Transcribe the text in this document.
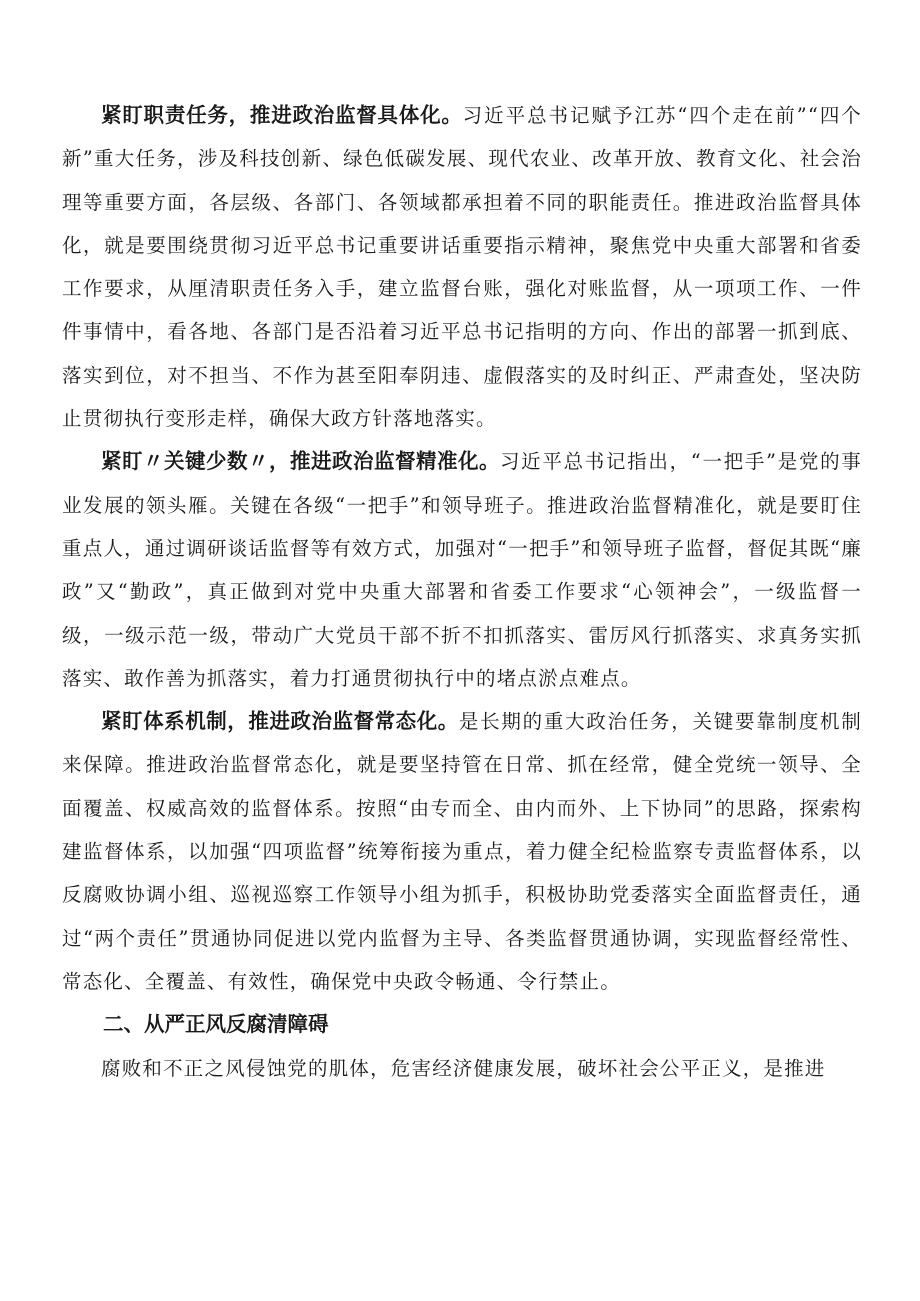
紧盯职责任务，推进政治监督具体化。习近平总书记赋予江苏“四个走在前”“四个新”重大任务，涉及科技创新、绿色低碳发展、现代农业、改革开放、教育文化、社会治理等重要方面，各层级、各部门、各领域都承担着不同的职能责任。推进政治监督具体化，就是要围绕贯彻习近平总书记重要讲话重要指示精神，聚焦党中央重大部署和省委工作要求，从厘清职责任务入手，建立监督台账，强化对账监督，从一项项工作、一件件事情中，看各地、各部门是否沿着习近平总书记指明的方向、作出的部署一抓到底、落实到位，对不担当、不作为甚至阳奉阴违、虚假落实的及时纠正、严肃查处，坚决防止贯彻执行变形走样，确保大政方针落地落实。

紧盯〃关键少数〃，推进政治监督精准化。习近平总书记指出，“一把手”是党的事业发展的领头雁。关键在各级“一把手”和领导班子。推进政治监督精准化，就是要盯住重点人，通过调研谈话监督等有效方式，加强对“一把手”和领导班子监督，督促其既“廉政”又“勤政”，真正做到对党中央重大部署和省委工作要求“心领神会”，一级监督一级，一级示范一级，带动广大党员干部不折不扣抓落实、雷厉风行抓落实、求真务实抓落实、敢作善为抓落实，着力打通贯彻执行中的堵点淤点难点。

紧盯体系机制，推进政治监督常态化。是长期的重大政治任务，关键要靠制度机制来保障。推进政治监督常态化，就是要坚持管在日常、抓在经常，健全党统一领导、全面覆盖、权威高效的监督体系。按照“由专而全、由内而外、上下协同”的思路，探索构建监督体系，以加强“四项监督”统筹衔接为重点，着力健全纪检监察专责监督体系，以反腐败协调小组、巡视巡察工作领导小组为抓手，积极协助党委落实全面监督责任，通过“两个责任”贯通协同促进以党内监督为主导、各类监督贯通协调，实现监督经常性、常态化、全覆盖、有效性，确保党中央政令畅通、令行禁止。

二、从严正风反腐清障碍

腐败和不正之风侵蚀党的肌体，危害经济健康发展，破坏社会公平正义，是推进
